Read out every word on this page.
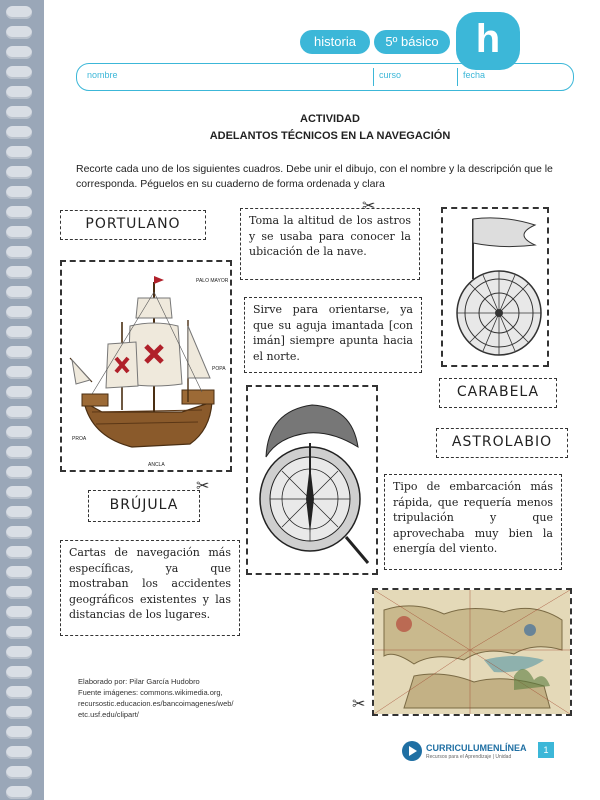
historia	5º básico h
nombre	curso	fecha
ACTIVIDAD
ADELANTOS TÉCNICOS EN LA NAVEGACIÓN
Recorte cada uno de los siguientes cuadros. Debe unir el dibujo, con el nombre y la descripción que le corresponda. Péguelos en su cuaderno de forma ordenada y clara
PORTULANO
CARABELA
ASTROLABIO
BRÚJULA
Toma la altitud de los astros y se usaba para conocer la ubicación de la nave.
Sirve para orientarse, ya que su aguja imantada [con imán] siempre apunta hacia el norte.
Tipo de embarcación más rápida, que requería menos tripulación y que aprovechaba muy bien la energía del viento.
Cartas de navegación más específicas, ya que mostraban los accidentes geográficos existentes y las distancias de los lugares.
PALO MAYOR
POPA
PROA
ANCLA
✂
✂
✂
Elaborado por: Pilar García Hudobro
Fuente imágenes: commons.wikimedia.org,
recursostic.educacion.es/bancoimagenes/web/
etc.usf.edu/clipart/
CURRICULUMENLÍNEA
Recursos para el Aprendizaje | Unidad
1
